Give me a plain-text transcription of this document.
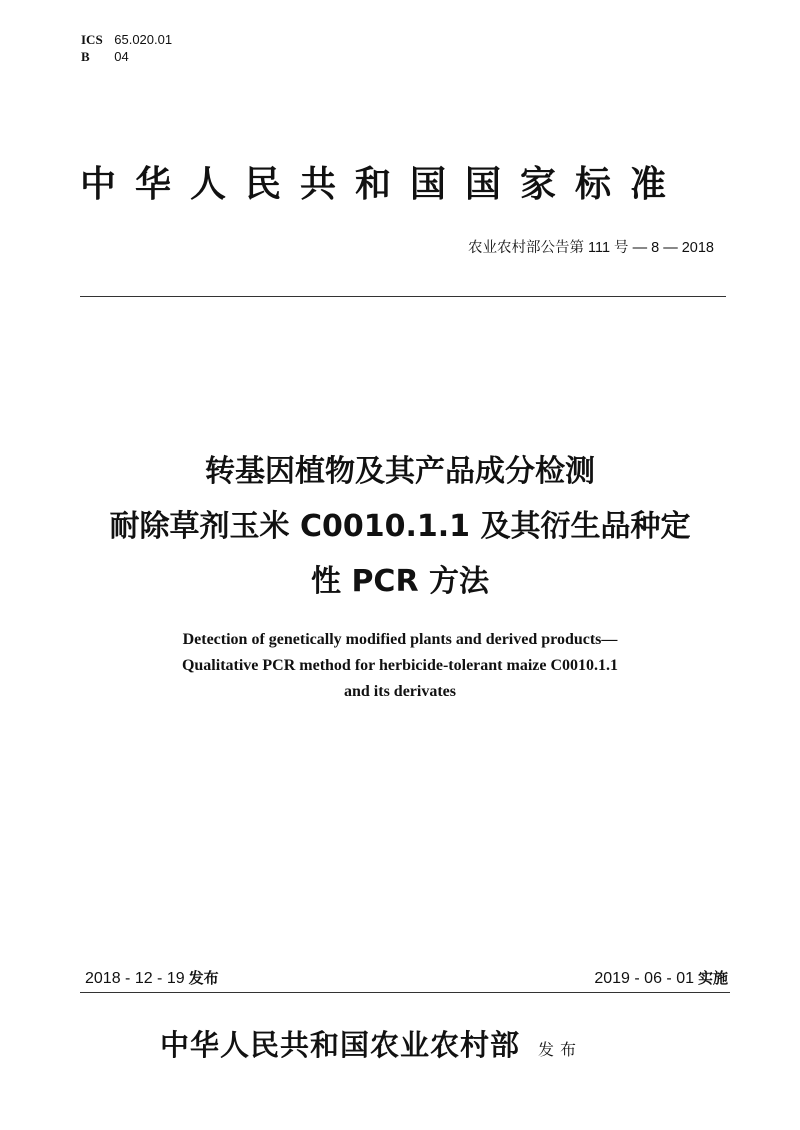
ICS 65.020.01
B 04
中华人民共和国国家标准
农业农村部公告第 111 号 — 8 — 2018
转基因植物及其产品成分检测
耐除草剂玉米 C0010.1.1 及其衍生品种定
性 PCR 方法
Detection of genetically modified plants and derived products—
Qualitative PCR method for herbicide-tolerant maize C0010.1.1
and its derivates
2018 - 12 - 19 发布	2019 - 06 - 01 实施
中华人民共和国农业农村部 发布
